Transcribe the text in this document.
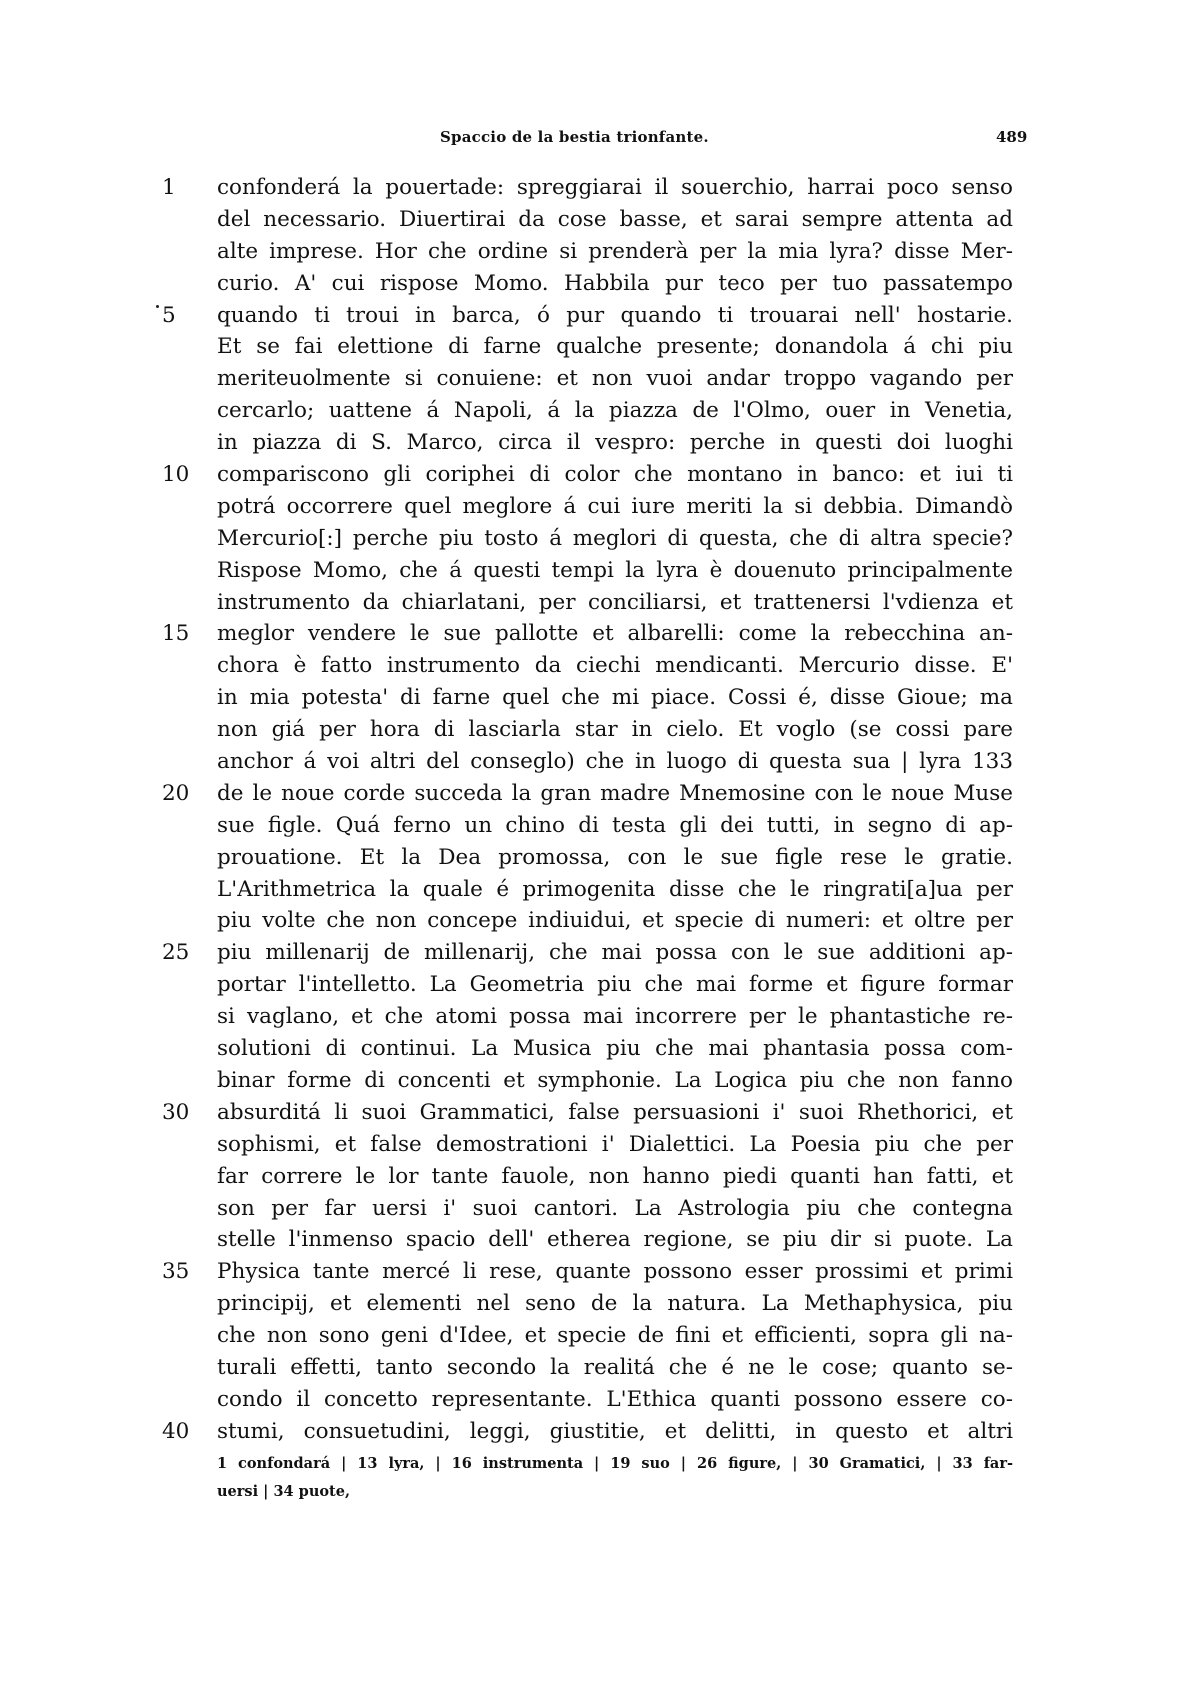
Spaccio de la bestia trionfante.	489
1	confonderá la pouertade: spreggiarai il souerchio, harrai poco senso
del necessario. Diuertirai da cose basse, et sarai sempre attenta ad
alte imprese. Hor che ordine si prenderà per la mia lyra? disse Mer-
curio. A' cui rispose Momo. Habbila pur teco per tuo passatempo
5	quando ti troui in barca, ó pur quando ti trouarai nell' hostarie.
Et se fai elettione di farne qualche presente; donandola á chi piu
meriteuolmente si conuiene: et non vuoi andar troppo vagando per
cercarlo; uattene á Napoli, á la piazza de l'Olmo, ouer in Venetia,
in piazza di S. Marco, circa il vespro: perche in questi doi luoghi
10	compariscono gli coriphei di color che montano in banco: et iui ti
potrá occorrere quel meglore á cui iure meriti la si debbia. Dimandò
Mercurio[:] perche piu tosto á meglori di questa, che di altra specie?
Rispose Momo, che á questi tempi la lyra è douenuto principalmente
instrumento da chiarlatani, per conciliarsi, et trattenersi l'vdienza et
15	meglor vendere le sue pallotte et albarelli: come la rebecchina an-
chora è fatto instrumento da ciechi mendicanti. Mercurio disse. E'
in mia potesta' di farne quel che mi piace. Cossi é, disse Gioue; ma
non giá per hora di lasciarla star in cielo. Et voglo (se cossi pare
anchor á voi altri del conseglo) che in luogo di questa sua | lyra 133
20	de le noue corde succeda la gran madre Mnemosine con le noue Muse
sue figle. Quá ferno un chino di testa gli dei tutti, in segno di ap-
prouatione. Et la Dea promossa, con le sue figle rese le gratie.
L'Arithmetrica la quale é primogenita disse che le ringrati[a]ua per
piu volte che non concepe indiuidui, et specie di numeri: et oltre per
25	piu millenarij de millenarij, che mai possa con le sue additioni ap-
portar l'intelletto. La Geometria piu che mai forme et figure formar
si vaglano, et che atomi possa mai incorrere per le phantastiche re-
solutioni di continui. La Musica piu che mai phantasia possa com-
binar forme di concenti et symphonie. La Logica piu che non fanno
30	absurditá li suoi Grammatici, false persuasioni i' suoi Rhethorici, et
sophismi, et false demostrationi i' Dialettici. La Poesia piu che per
far correre le lor tante fauole, non hanno piedi quanti han fatti, et
son per far uersi i' suoi cantori. La Astrologia piu che contegna
stelle l'inmenso spacio dell' etherea regione, se piu dir si puote. La
35	Physica tante mercé li rese, quante possono esser prossimi et primi
principij, et elementi nel seno de la natura. La Methaphysica, piu
che non sono geni d'Idee, et specie de fini et efficienti, sopra gli na-
turali effetti, tanto secondo la realitá che é ne le cose; quanto se-
condo il concetto representante. L'Ethica quanti possono essere co-
40	stumi, consuetudini, leggi, giustitie, et delitti, in questo et altri
1 confondará | 13 lyra, | 16 instrumenta | 19 suo | 26 figure, | 30 Gramatici, | 33 far-
uersi | 34 puote,
